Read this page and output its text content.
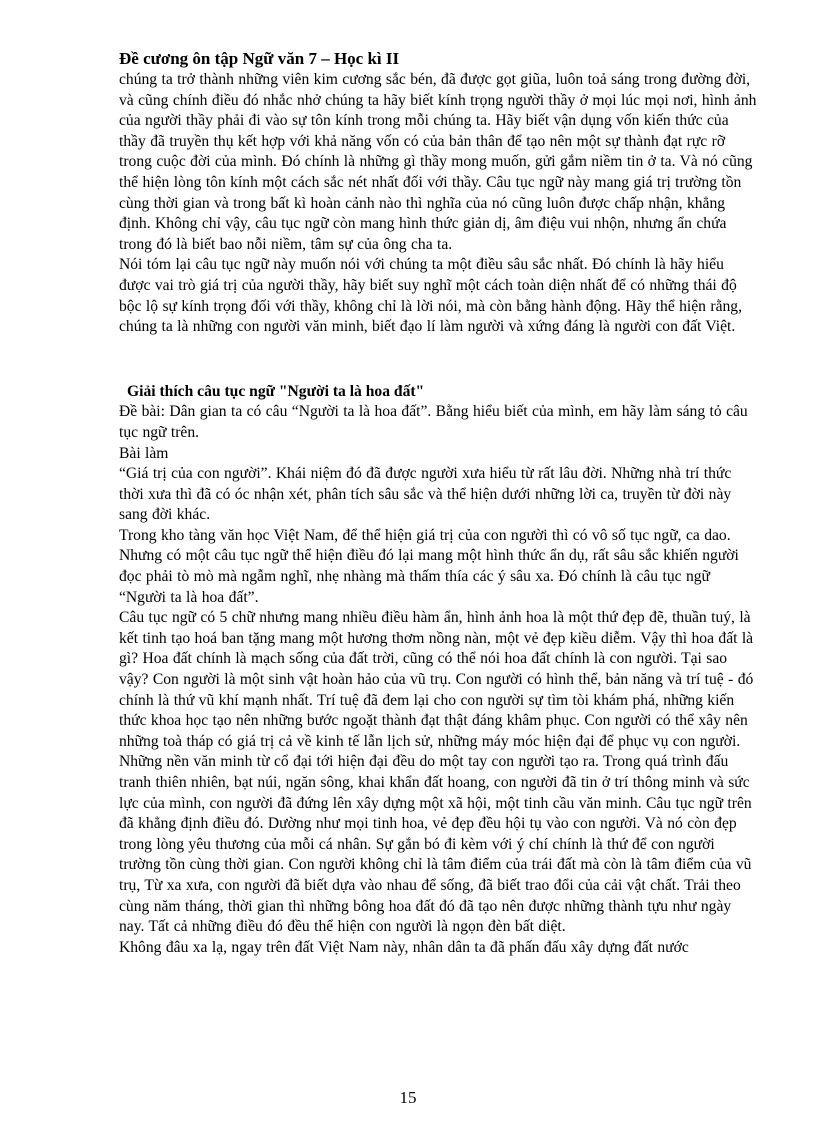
Đề cương ôn tập Ngữ văn 7 – Học kì II

chúng ta trở thành những viên kim cương sắc bén, đã được gọt giũa, luôn toả sáng trong đường đời, và cũng chính điều đó nhắc nhở chúng ta hãy biết kính trọng người thầy ở mọi lúc mọi nơi, hình ảnh của người thầy phải đi vào sự tôn kính trong mỗi chúng ta. Hãy biết vận dụng vốn kiến thức của thầy đã truyền thụ kết hợp với khả năng vốn có của bản thân để tạo nên một sự thành đạt rực rỡ trong cuộc đời của mình. Đó chính là những gì thầy mong muốn, gửi gắm niềm tin ở ta. Và nó cũng thể hiện lòng tôn kính một cách sắc nét nhất đối với thầy. Câu tục ngữ này mang giá trị trường tồn cùng thời gian và trong bất kì hoàn cảnh nào thì nghĩa của nó cũng luôn được chấp nhận, khẳng định. Không chỉ vậy, câu tục ngữ còn mang hình thức giản dị, âm điệu vui nhộn, nhưng ẩn chứa trong đó là biết bao nỗi niềm, tâm sự của ông cha ta.

Nói tóm lại câu tục ngữ này muốn nói với chúng ta một điều sâu sắc nhất. Đó chính là hãy hiểu được vai trò giá trị của người thầy, hãy biết suy nghĩ một cách toàn diện nhất để có những thái độ bộc lộ sự kính trọng đối với thầy, không chỉ là lời nói, mà còn bằng hành động. Hãy thể hiện rằng, chúng ta là những con người văn minh, biết đạo lí làm người và xứng đáng là người con đất Việt.

Giải thích câu tục ngữ "Người ta là hoa đất"

Đề bài: Dân gian ta có câu “Người ta là hoa đất”. Bằng hiểu biết của mình, em hãy làm sáng tỏ câu tục ngữ trên.

Bài làm

“Giá trị của con người”. Khái niệm đó đã được người xưa hiểu từ rất lâu đời. Những nhà trí thức thời xưa thì đã có óc nhận xét, phân tích sâu sắc và thể hiện dưới những lời ca, truyền từ đời này sang đời khác.

Trong kho tàng văn học Việt Nam, để thể hiện giá trị của con người thì có vô số tục ngữ, ca dao. Nhưng có một câu tục ngữ thể hiện điều đó lại mang một hình thức ẩn dụ, rất sâu sắc khiến người đọc phải tò mò mà ngẫm nghĩ, nhẹ nhàng mà thấm thía các ý sâu xa. Đó chính là câu tục ngữ “Người ta là hoa đất”.

Câu tục ngữ có 5 chữ nhưng mang nhiều điều hàm ẩn, hình ảnh hoa là một thứ đẹp đẽ, thuần tuý, là kết tinh tạo hoá ban tặng mang một hương thơm nồng nàn, một vẻ đẹp kiều diễm. Vậy thì hoa đất là gì? Hoa đất chính là mạch sống của đất trời, cũng có thể nói hoa đất chính là con người. Tại sao vậy? Con người là một sinh vật hoàn hảo của vũ trụ. Con người có hình thể, bản năng và trí tuệ - đó chính là thứ vũ khí mạnh nhất. Trí tuệ đã đem lại cho con người sự tìm tòi khám phá, những kiến thức khoa học tạo nên những bước ngoặt thành đạt thật đáng khâm phục. Con người có thể xây nên những toà tháp có giá trị cả về kinh tế lẫn lịch sử, những máy móc hiện đại để phục vụ con người. Những nền văn minh từ cổ đại tới hiện đại đều do một tay con người tạo ra. Trong quá trình đấu tranh thiên nhiên, bạt núi, ngăn sông, khai khẩn đất hoang, con người đã tin ở trí thông minh và sức lực của mình, con người đã đứng lên xây dựng một xã hội, một tinh cầu văn minh. Câu tục ngữ trên đã khẳng định điều đó. Dường như mọi tinh hoa, vẻ đẹp đều hội tụ vào con người. Và nó còn đẹp trong lòng yêu thương của mỗi cá nhân. Sự gắn bó đi kèm với ý chí chính là thứ để con người trường tồn cùng thời gian. Con người không chỉ là tâm điểm của trái đất mà còn là tâm điểm của vũ trụ, Từ xa xưa, con người đã biết dựa vào nhau để sống, đã biết trao đổi của cải vật chất. Trải theo cùng năm tháng, thời gian thì những bông hoa đất đó đã tạo nên được những thành tựu như ngày nay. Tất cả những điều đó đều thể hiện con người là ngọn đèn bất diệt.

Không đâu xa lạ, ngay trên đất Việt Nam này, nhân dân ta đã phấn đấu xây dựng đất nước

15
